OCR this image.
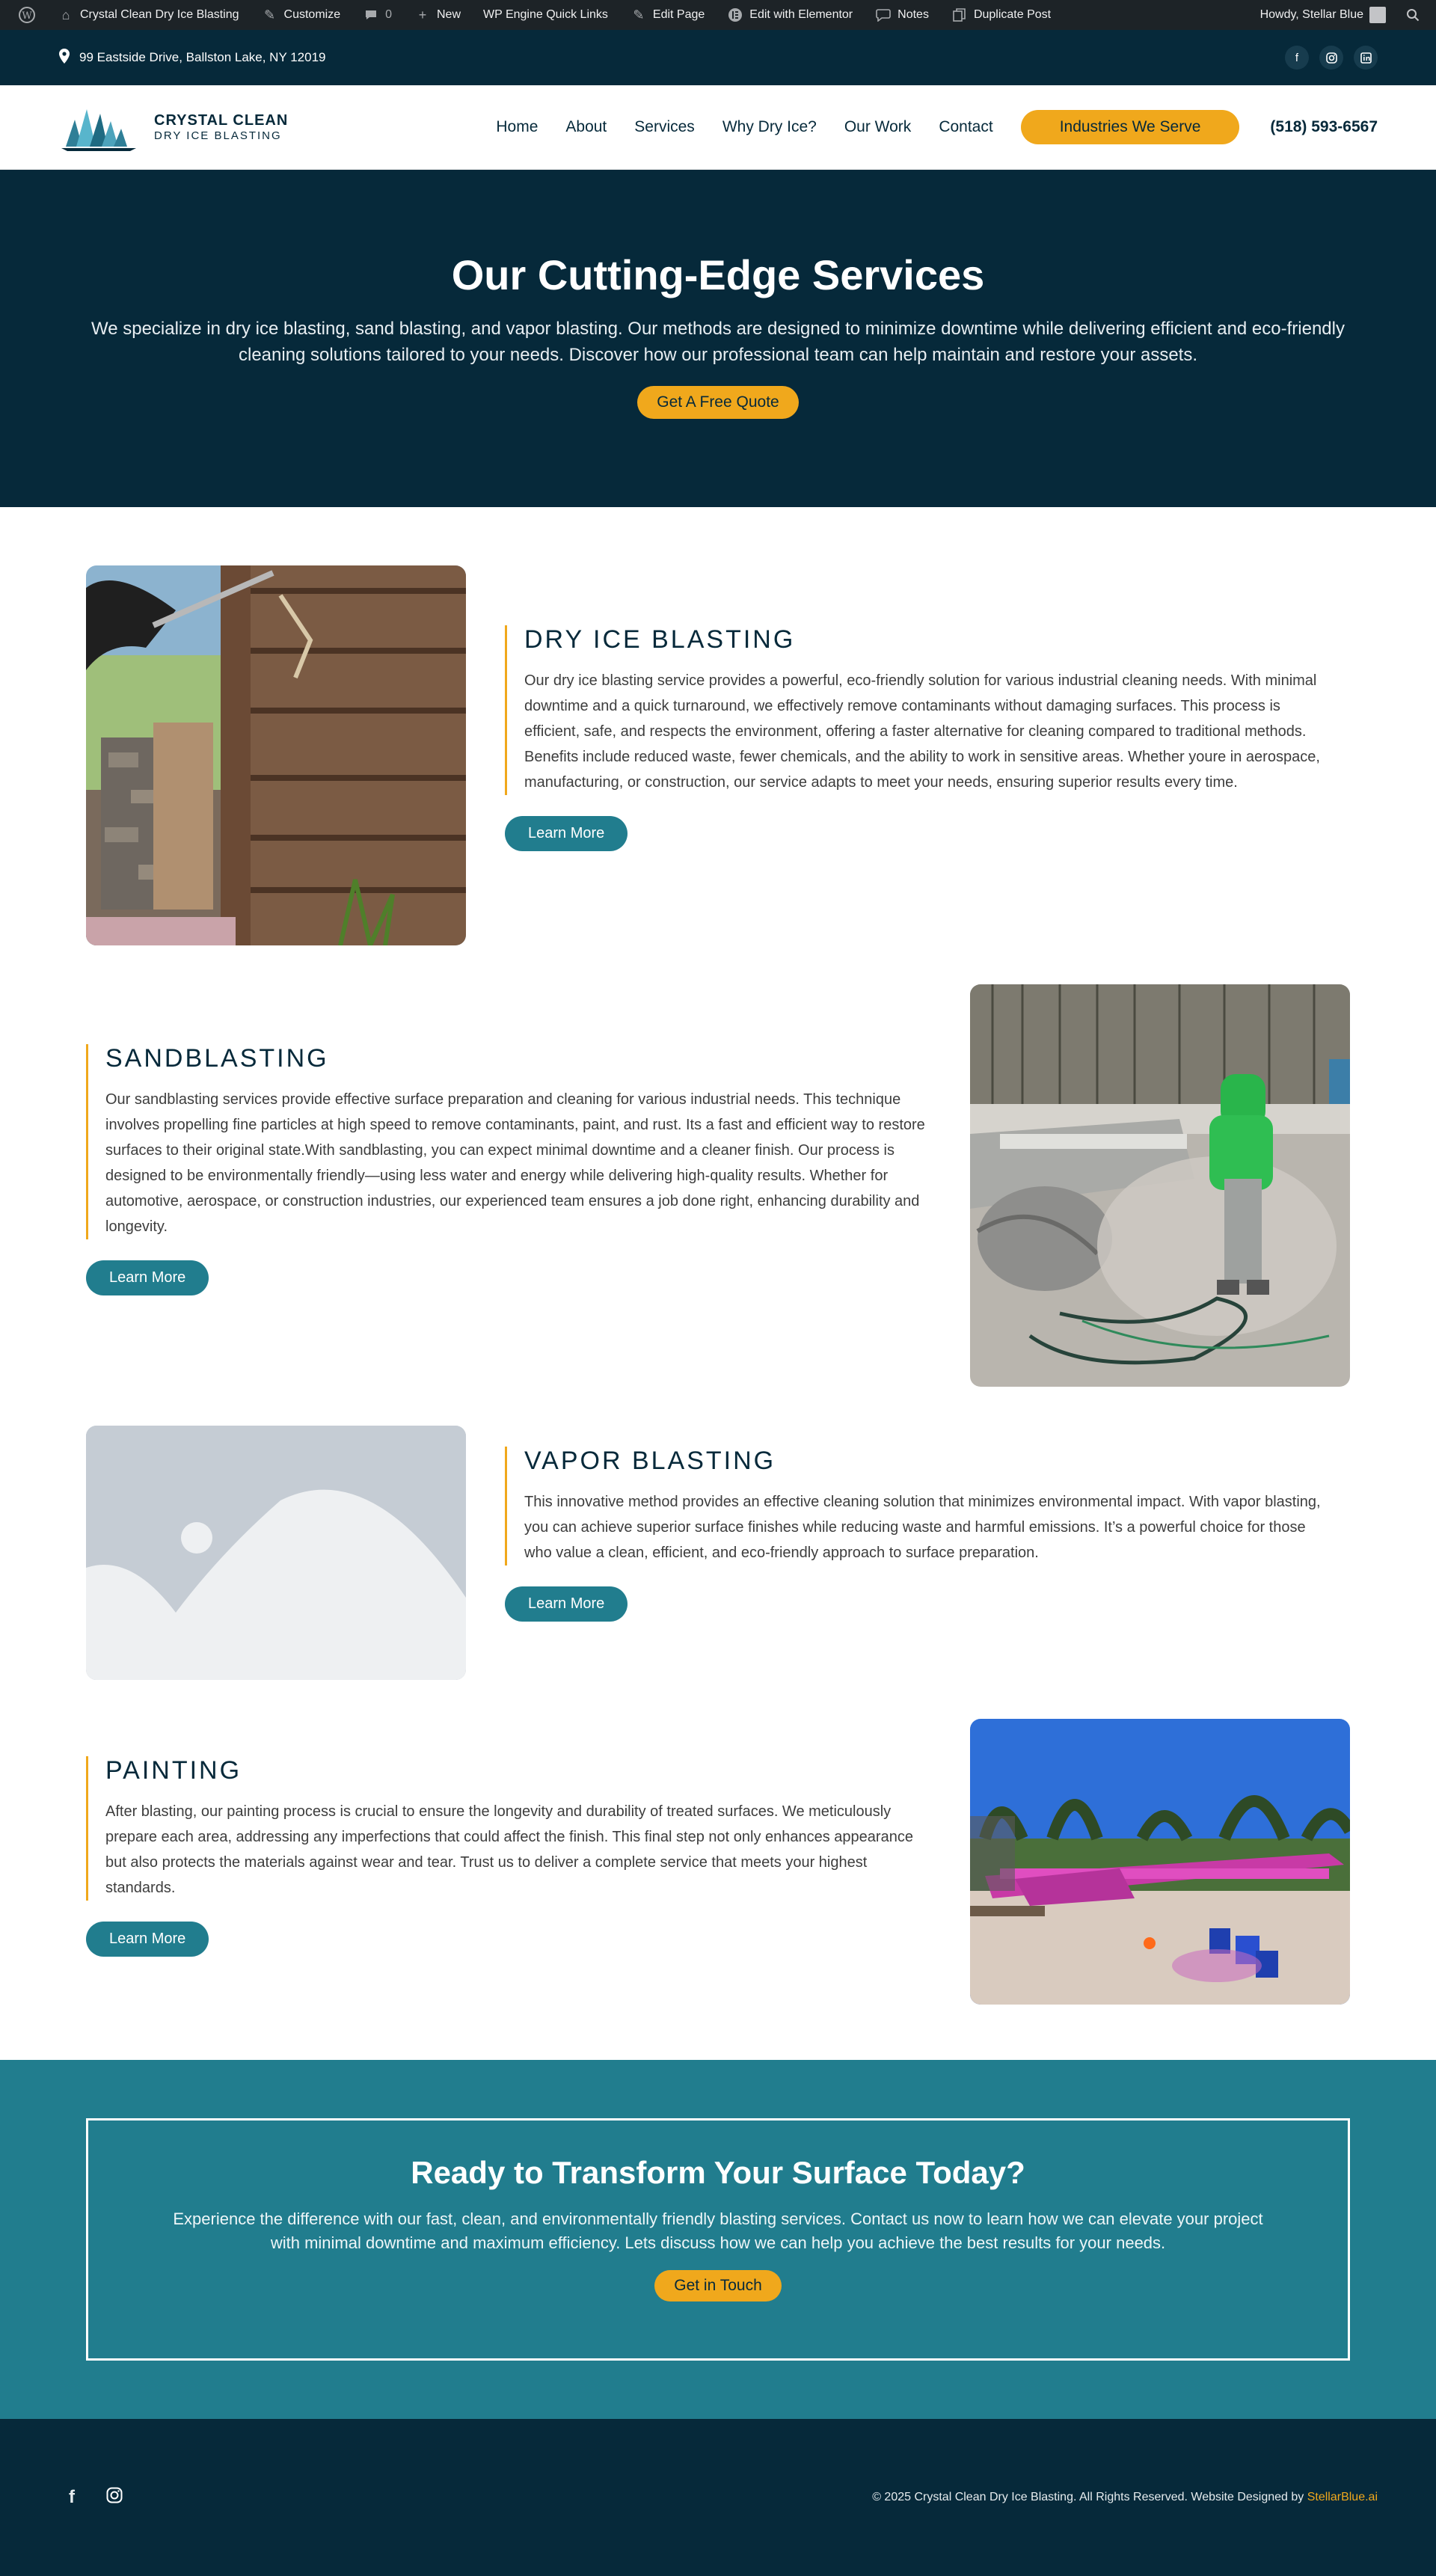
W	⌂ Crystal Clean Dry Ice Blasting ✎ Customize	0	+ New WP Engine Quick Links ✎ Edit Page	Edit with Elementor	Notes	Duplicate Post	Howdy, Stellar Blue
99 Eastside Drive, Ballston Lake, NY 12019	f
CRYSTAL CLEAN
DRY ICE BLASTING
Home About Services Why Dry Ice? Our Work Contact	Industries We Serve	(518) 593-6567
Our Cutting-Edge Services

We specialize in dry ice blasting, sand blasting, and vapor blasting. Our methods are designed to minimize downtime while delivering efficient and eco-friendly cleaning solutions tailored to your needs. Discover how our professional team can help maintain and restore your assets.

Get A Free Quote
DRY ICE BLASTING

Our dry ice blasting service provides a powerful, eco-friendly solution for various industrial cleaning needs. With minimal downtime and a quick turnaround, we effectively remove contaminants without damaging surfaces. This process is efficient, safe, and respects the environment, offering a faster alternative for cleaning compared to traditional methods. Benefits include reduced waste, fewer chemicals, and the ability to work in sensitive areas. Whether youre in aerospace, manufacturing, or construction, our service adapts to meet your needs, ensuring superior results every time.

Learn More
SANDBLASTING

Our sandblasting services provide effective surface preparation and cleaning for various industrial needs. This technique involves propelling fine particles at high speed to remove contaminants, paint, and rust. Its a fast and efficient way to restore surfaces to their original state.With sandblasting, you can expect minimal downtime and a cleaner finish. Our process is designed to be environmentally friendly—using less water and energy while delivering high-quality results. Whether for automotive, aerospace, or construction industries, our experienced team ensures a job done right, enhancing durability and longevity.

Learn More
VAPOR BLASTING

This innovative method provides an effective cleaning solution that minimizes environmental impact. With vapor blasting, you can achieve superior surface finishes while reducing waste and harmful emissions. It’s a powerful choice for those who value a clean, efficient, and eco-friendly approach to surface preparation.

Learn More
PAINTING

After blasting, our painting process is crucial to ensure the longevity and durability of treated surfaces. We meticulously prepare each area, addressing any imperfections that could affect the finish. This final step not only enhances appearance but also protects the materials against wear and tear. Trust us to deliver a complete service that meets your highest standards.

Learn More
Ready to Transform Your Surface Today?

Experience the difference with our fast, clean, and environmentally friendly blasting services. Contact us now to learn how we can elevate your project with minimal downtime and maximum efficiency. Lets discuss how we can help you achieve the best results for your needs.

Get in Touch
f	© 2025 Crystal Clean Dry Ice Blasting. All Rights Reserved. Website Designed by StellarBlue.ai
